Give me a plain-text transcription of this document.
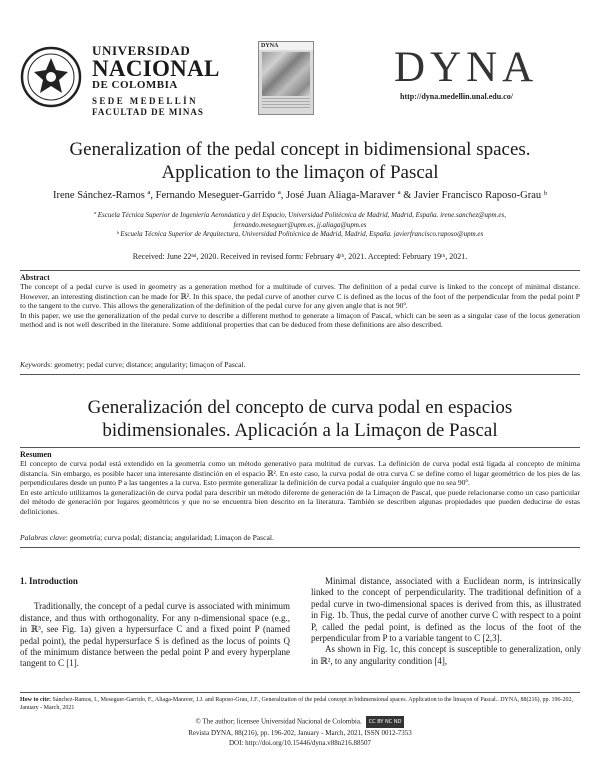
UNIVERSIDAD
NACIONAL
DE COLOMBIA
SEDE MEDELLÍN
FACULTAD DE MINAS
DYNA	DYNA
http://dyna.medellin.unal.edu.co/
Generalization of the pedal concept in bidimensional spaces. Application to the limaçon of Pascal
Irene Sánchez-Ramos ª, Fernando Meseguer-Garrido ª, José Juan Aliaga-Maraver ª & Javier Francisco Raposo-Grau ᵇ
ª Escuela Técnica Superior de Ingeniería Aeronáutica y del Espacio, Universidad Politécnica de Madrid, Madrid, España. irene.sanchez@upm.es,
fernando.meseguer@upm.es, jj.aliaga@upm.es
ᵇ Escuela Técnica Superior de Arquitectura, Universidad Politécnica de Madrid, Madrid, España. javierfrancisco.raposo@upm.es
Received: June 22ⁿᵈ, 2020. Received in revised form: February 4ᵗʰ, 2021. Accepted: February 19ᵗʰ, 2021.
Abstract
The concept of a pedal curve is used in geometry as a generation method for a multitude of curves. The definition of a pedal curve is linked to the concept of minimal distance. However, an interesting distinction can be made for ℝ². In this space, the pedal curve of another curve C is defined as the locus of the foot of the perpendicular from the pedal point P to the tangent to the curve. This allows the generalization of the definition of the pedal curve for any given angle that is not 90º.
In this paper, we use the generalization of the pedal curve to describe a different method to generate a limaçon of Pascal, which can be seen as a singular case of the locus generation method and is not well described in the literature. Some additional properties that can be deduced from these definitions are also described.
Keywords: geometry; pedal curve; distance; angularity; limaçon of Pascal.
Generalización del concepto de curva podal en espacios bidimensionales. Aplicación a la Limaçon de Pascal
Resumen
El concepto de curva podal está extendido en la geometría como un método generativo para multitud de curvas. La definición de curva podal está ligada al concepto de mínima distancia. Sin embargo, es posible hacer una interesante distinción en el espacio ℝ². En este caso, la curva podal de otra curva C se define como el lugar geométrico de los pies de las perpendiculares desde un punto P a las tangentes a la curva. Esto permite generalizar la definición de curva podal a cualquier ángulo que no sea 90º.
En este artículo utilizamos la generalización de curva podal para describir un método diferente de generación de la Limaçon de Pascal, que puede relacionarse como un caso particular del método de generación por lugares geométricos y que no se encuentra bien descrito en la literatura. También se describen algunas propiedades que pueden deducirse de estas definiciones.
Palabras clave: geometría; curva podal; distancia; angularidad; Limaçon de Pascal.

1. Introduction

Traditionally, the concept of a pedal curve is associated with minimum distance, and thus with orthogonality. For any n-dimensional space (e.g., in ℝ³, see Fig. 1a) given a hypersurface C and a fixed point P (named pedal point), the pedal hypersurface S is defined as the locus of points Q of the minimum distance between the pedal point P and every hyperplane tangent to C [1].

Minimal distance, associated with a Euclidean norm, is intrinsically linked to the concept of perpendicularity. The traditional definition of a pedal curve in two-dimensional spaces is derived from this, as illustrated in Fig. 1b. Thus, the pedal curve of another curve C with respect to a point P, called the pedal point, is defined as the locus of the foot of the perpendicular from P to a variable tangent to C [2,3].

As shown in Fig. 1c, this concept is susceptible to generalization, only in ℝ², to any angularity condition [4],

How to cite: Sánchez-Ramos, I., Meseguer-Garrido, F., Aliaga-Maraver, J.J. and Raposo-Grau, J.F., Generalization of the pedal concept in bidimensional spaces. Application to the limaçon of Pascal.. DYNA, 88(216), pp. 196-202, January - March, 2021
© The author; licensee Universidad Nacional de Colombia. CC BY NC ND
Revista DYNA, 88(216), pp. 196-202, January - March, 2021, ISSN 0012-7353
DOI: http://doi.org/10.15446/dyna.v88n216.88507
